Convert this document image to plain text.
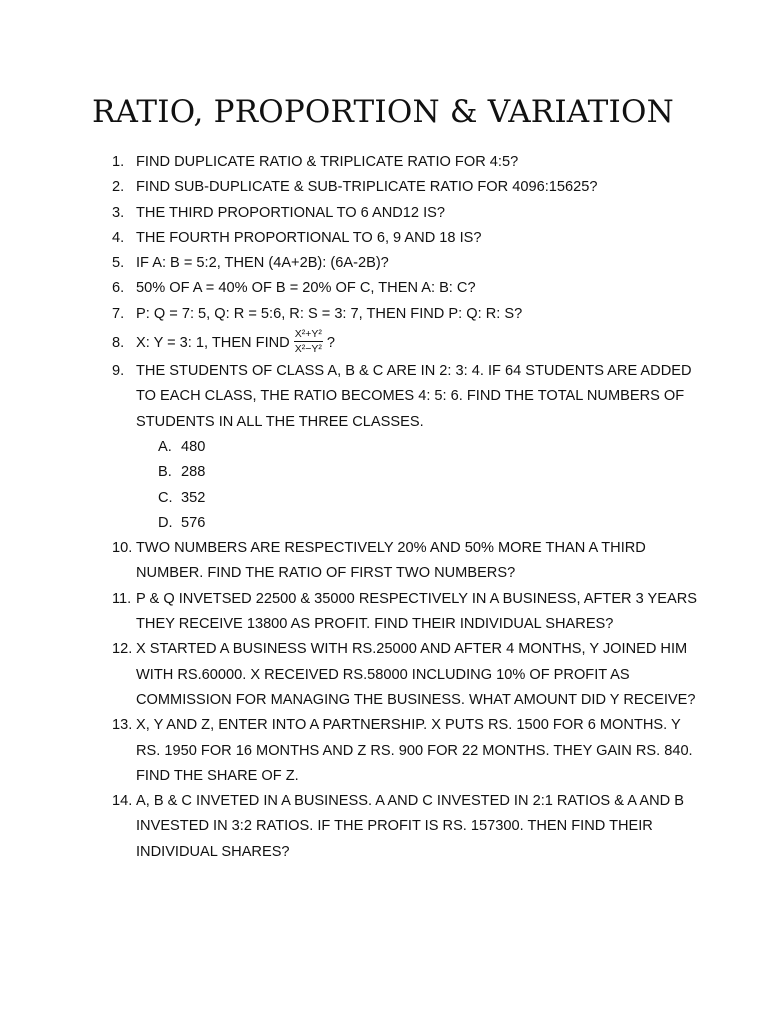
RATIO, PROPORTION & VARIATION
1. FIND DUPLICATE RATIO & TRIPLICATE RATIO FOR 4:5?
2. FIND SUB-DUPLICATE & SUB-TRIPLICATE RATIO FOR 4096:15625?
3. THE THIRD PROPORTIONAL TO 6 AND12 IS?
4. THE FOURTH PROPORTIONAL TO 6, 9 AND 18 IS?
5. IF A: B = 5:2, THEN (4A+2B): (6A-2B)?
6. 50% OF A = 40% OF B = 20% OF C, THEN A: B: C?
7. P: Q = 7: 5, Q: R = 5:6, R: S = 3: 7, THEN FIND P: Q: R: S?
8. X: Y = 3: 1, THEN FIND $\frac{\text{X²+Y²}}{\text{X²−Y²}}$ ?
9. THE STUDENTS OF CLASS A, B & C ARE IN 2: 3: 4. IF 64 STUDENTS ARE ADDED TO EACH CLASS, THE RATIO BECOMES 4: 5: 6. FIND THE TOTAL NUMBERS OF STUDENTS IN ALL THE THREE CLASSES.
A. 480
B. 288
C. 352
D. 576
10. TWO NUMBERS ARE RESPECTIVELY 20% AND 50% MORE THAN A THIRD NUMBER. FIND THE RATIO OF FIRST TWO NUMBERS?
11. P & Q INVETSED 22500 & 35000 RESPECTIVELY IN A BUSINESS, AFTER 3 YEARS THEY RECEIVE 13800 AS PROFIT. FIND THEIR INDIVIDUAL SHARES?
12. X STARTED A BUSINESS WITH RS.25000 AND AFTER 4 MONTHS, Y JOINED HIM WITH RS.60000. X RECEIVED RS.58000 INCLUDING 10% OF PROFIT AS COMMISSION FOR MANAGING THE BUSINESS. WHAT AMOUNT DID Y RECEIVE?
13. X, Y AND Z, ENTER INTO A PARTNERSHIP. X PUTS RS. 1500 FOR 6 MONTHS. Y RS. 1950 FOR 16 MONTHS AND Z RS. 900 FOR 22 MONTHS. THEY GAIN RS. 840. FIND THE SHARE OF Z.
14. A, B & C INVETED IN A BUSINESS. A AND C INVESTED IN 2:1 RATIOS & A AND B INVESTED IN 3:2 RATIOS. IF THE PROFIT IS RS. 157300. THEN FIND THEIR INDIVIDUAL SHARES?
